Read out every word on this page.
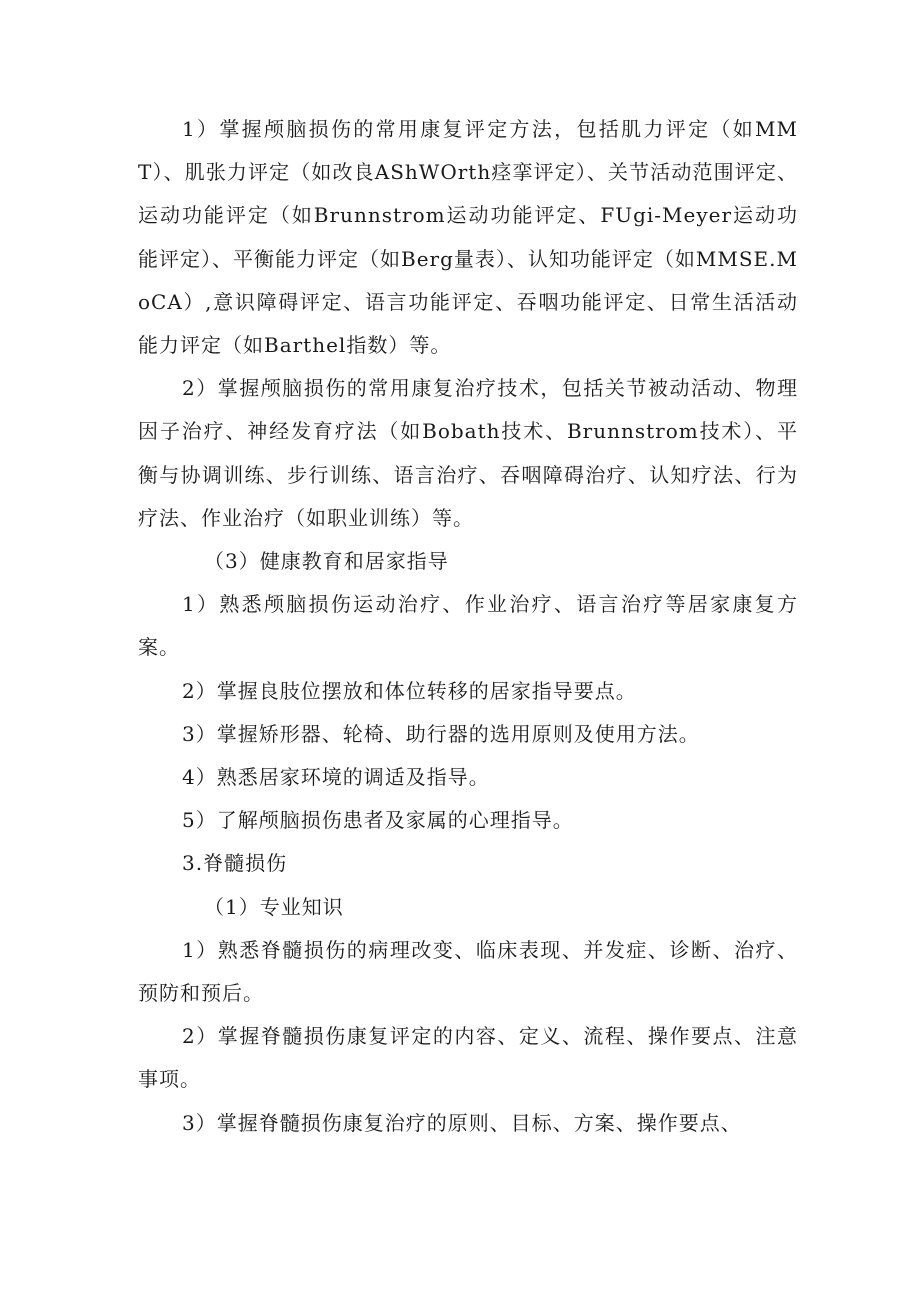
1）掌握颅脑损伤的常用康复评定方法，包括肌力评定（如MMT）、肌张力评定（如改良AShWOrth痉挛评定）、关节活动范围评定、运动功能评定（如Brunnstrom运动功能评定、FUgi-Meyer运动功能评定）、平衡能力评定（如Berg量表）、认知功能评定（如MMSE.MoCA）,意识障碍评定、语言功能评定、吞咽功能评定、日常生活活动能力评定（如Barthel指数）等。

2）掌握颅脑损伤的常用康复治疗技术，包括关节被动活动、物理因子治疗、神经发育疗法（如Bobath技术、Brunnstrom技术）、平衡与协调训练、步行训练、语言治疗、吞咽障碍治疗、认知疗法、行为疗法、作业治疗（如职业训练）等。

（3）健康教育和居家指导

1）熟悉颅脑损伤运动治疗、作业治疗、语言治疗等居家康复方案。

2）掌握良肢位摆放和体位转移的居家指导要点。

3）掌握矫形器、轮椅、助行器的选用原则及使用方法。

4）熟悉居家环境的调适及指导。

5）了解颅脑损伤患者及家属的心理指导。

3.脊髓损伤

（1）专业知识

1）熟悉脊髓损伤的病理改变、临床表现、并发症、诊断、治疗、预防和预后。

2）掌握脊髓损伤康复评定的内容、定义、流程、操作要点、注意事项。

3）掌握脊髓损伤康复治疗的原则、目标、方案、操作要点、
